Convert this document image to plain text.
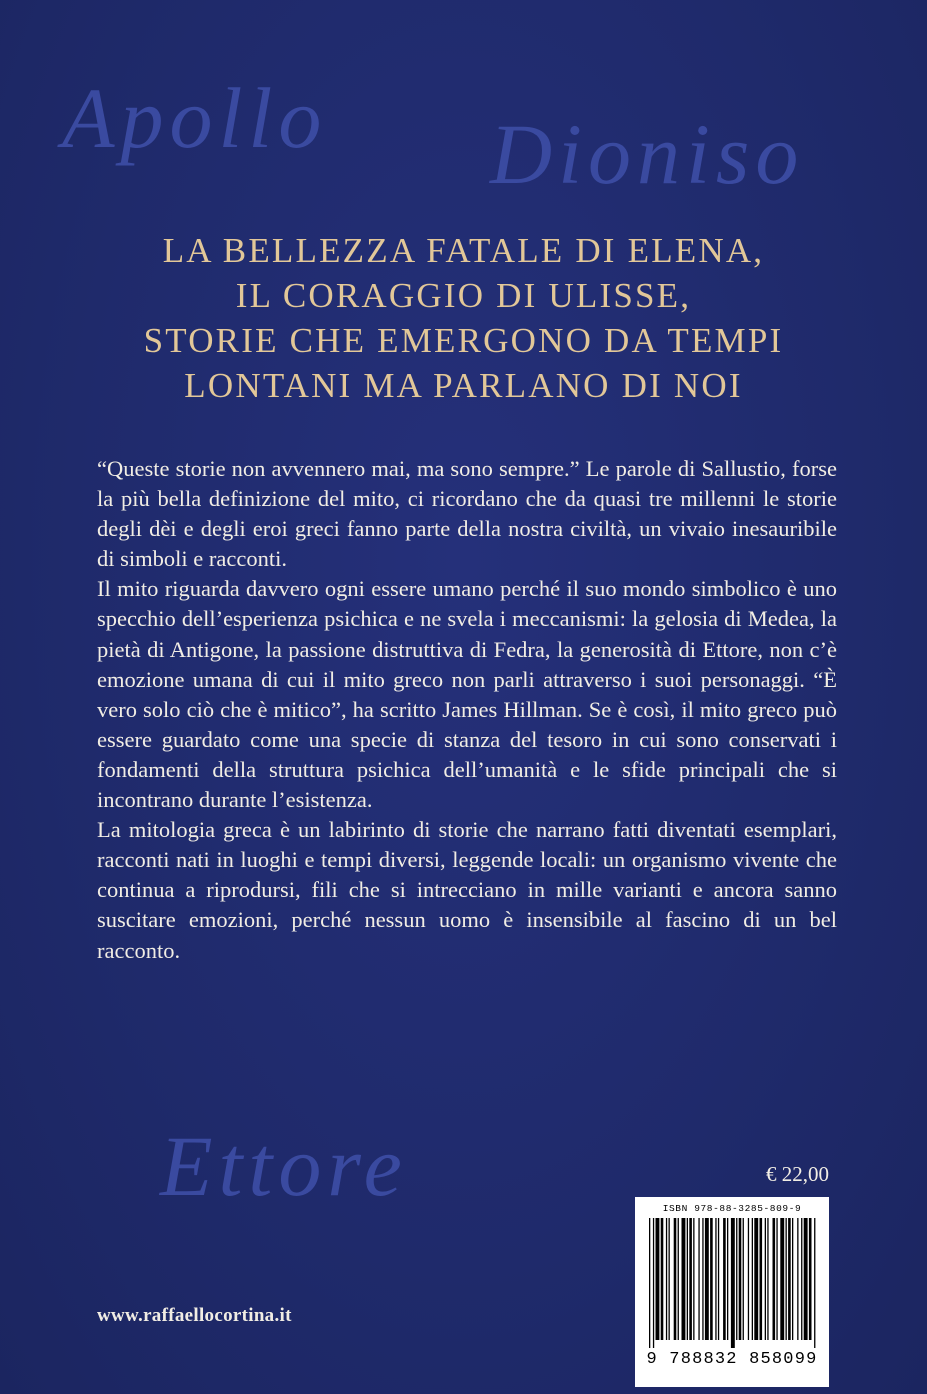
Apollo Dioniso
LA BELLEZZA FATALE DI ELENA,
IL CORAGGIO DI ULISSE,
STORIE CHE EMERGONO DA TEMPI
LONTANI MA PARLANO DI NOI

“Queste storie non avvennero mai, ma sono sempre.” Le parole di Sallustio, forse la più bella definizione del mito, ci ricordano che da quasi tre millenni le storie degli dèi e degli eroi greci fanno parte della nostra civiltà, un vivaio inesauribile di simboli e racconti.

Il mito riguarda davvero ogni essere umano perché il suo mondo simbolico è uno specchio dell’esperienza psichica e ne svela i meccanismi: la gelosia di Medea, la pietà di Antigone, la passione distruttiva di Fedra, la generosità di Ettore, non c’è emozione umana di cui il mito greco non parli attraverso i suoi personaggi. “È vero solo ciò che è mitico”, ha scritto James Hillman. Se è così, il mito greco può essere guardato come una specie di stanza del tesoro in cui sono conservati i fondamenti della struttura psichica dell’umanità e le sfide principali che si incontrano durante l’esistenza.

La mitologia greca è un labirinto di storie che narrano fatti diventati esemplari, racconti nati in luoghi e tempi diversi, leggende locali: un organismo vivente che continua a riprodursi, fili che si intrecciano in mille varianti e ancora sanno suscitare emozioni, perché nessun uomo è insensibile al fascino di un bel racconto.

Ettore	€ 22,00
ISBN 978-88-3285-809-9
9 788832 858099
www.raffaellocortina.it
